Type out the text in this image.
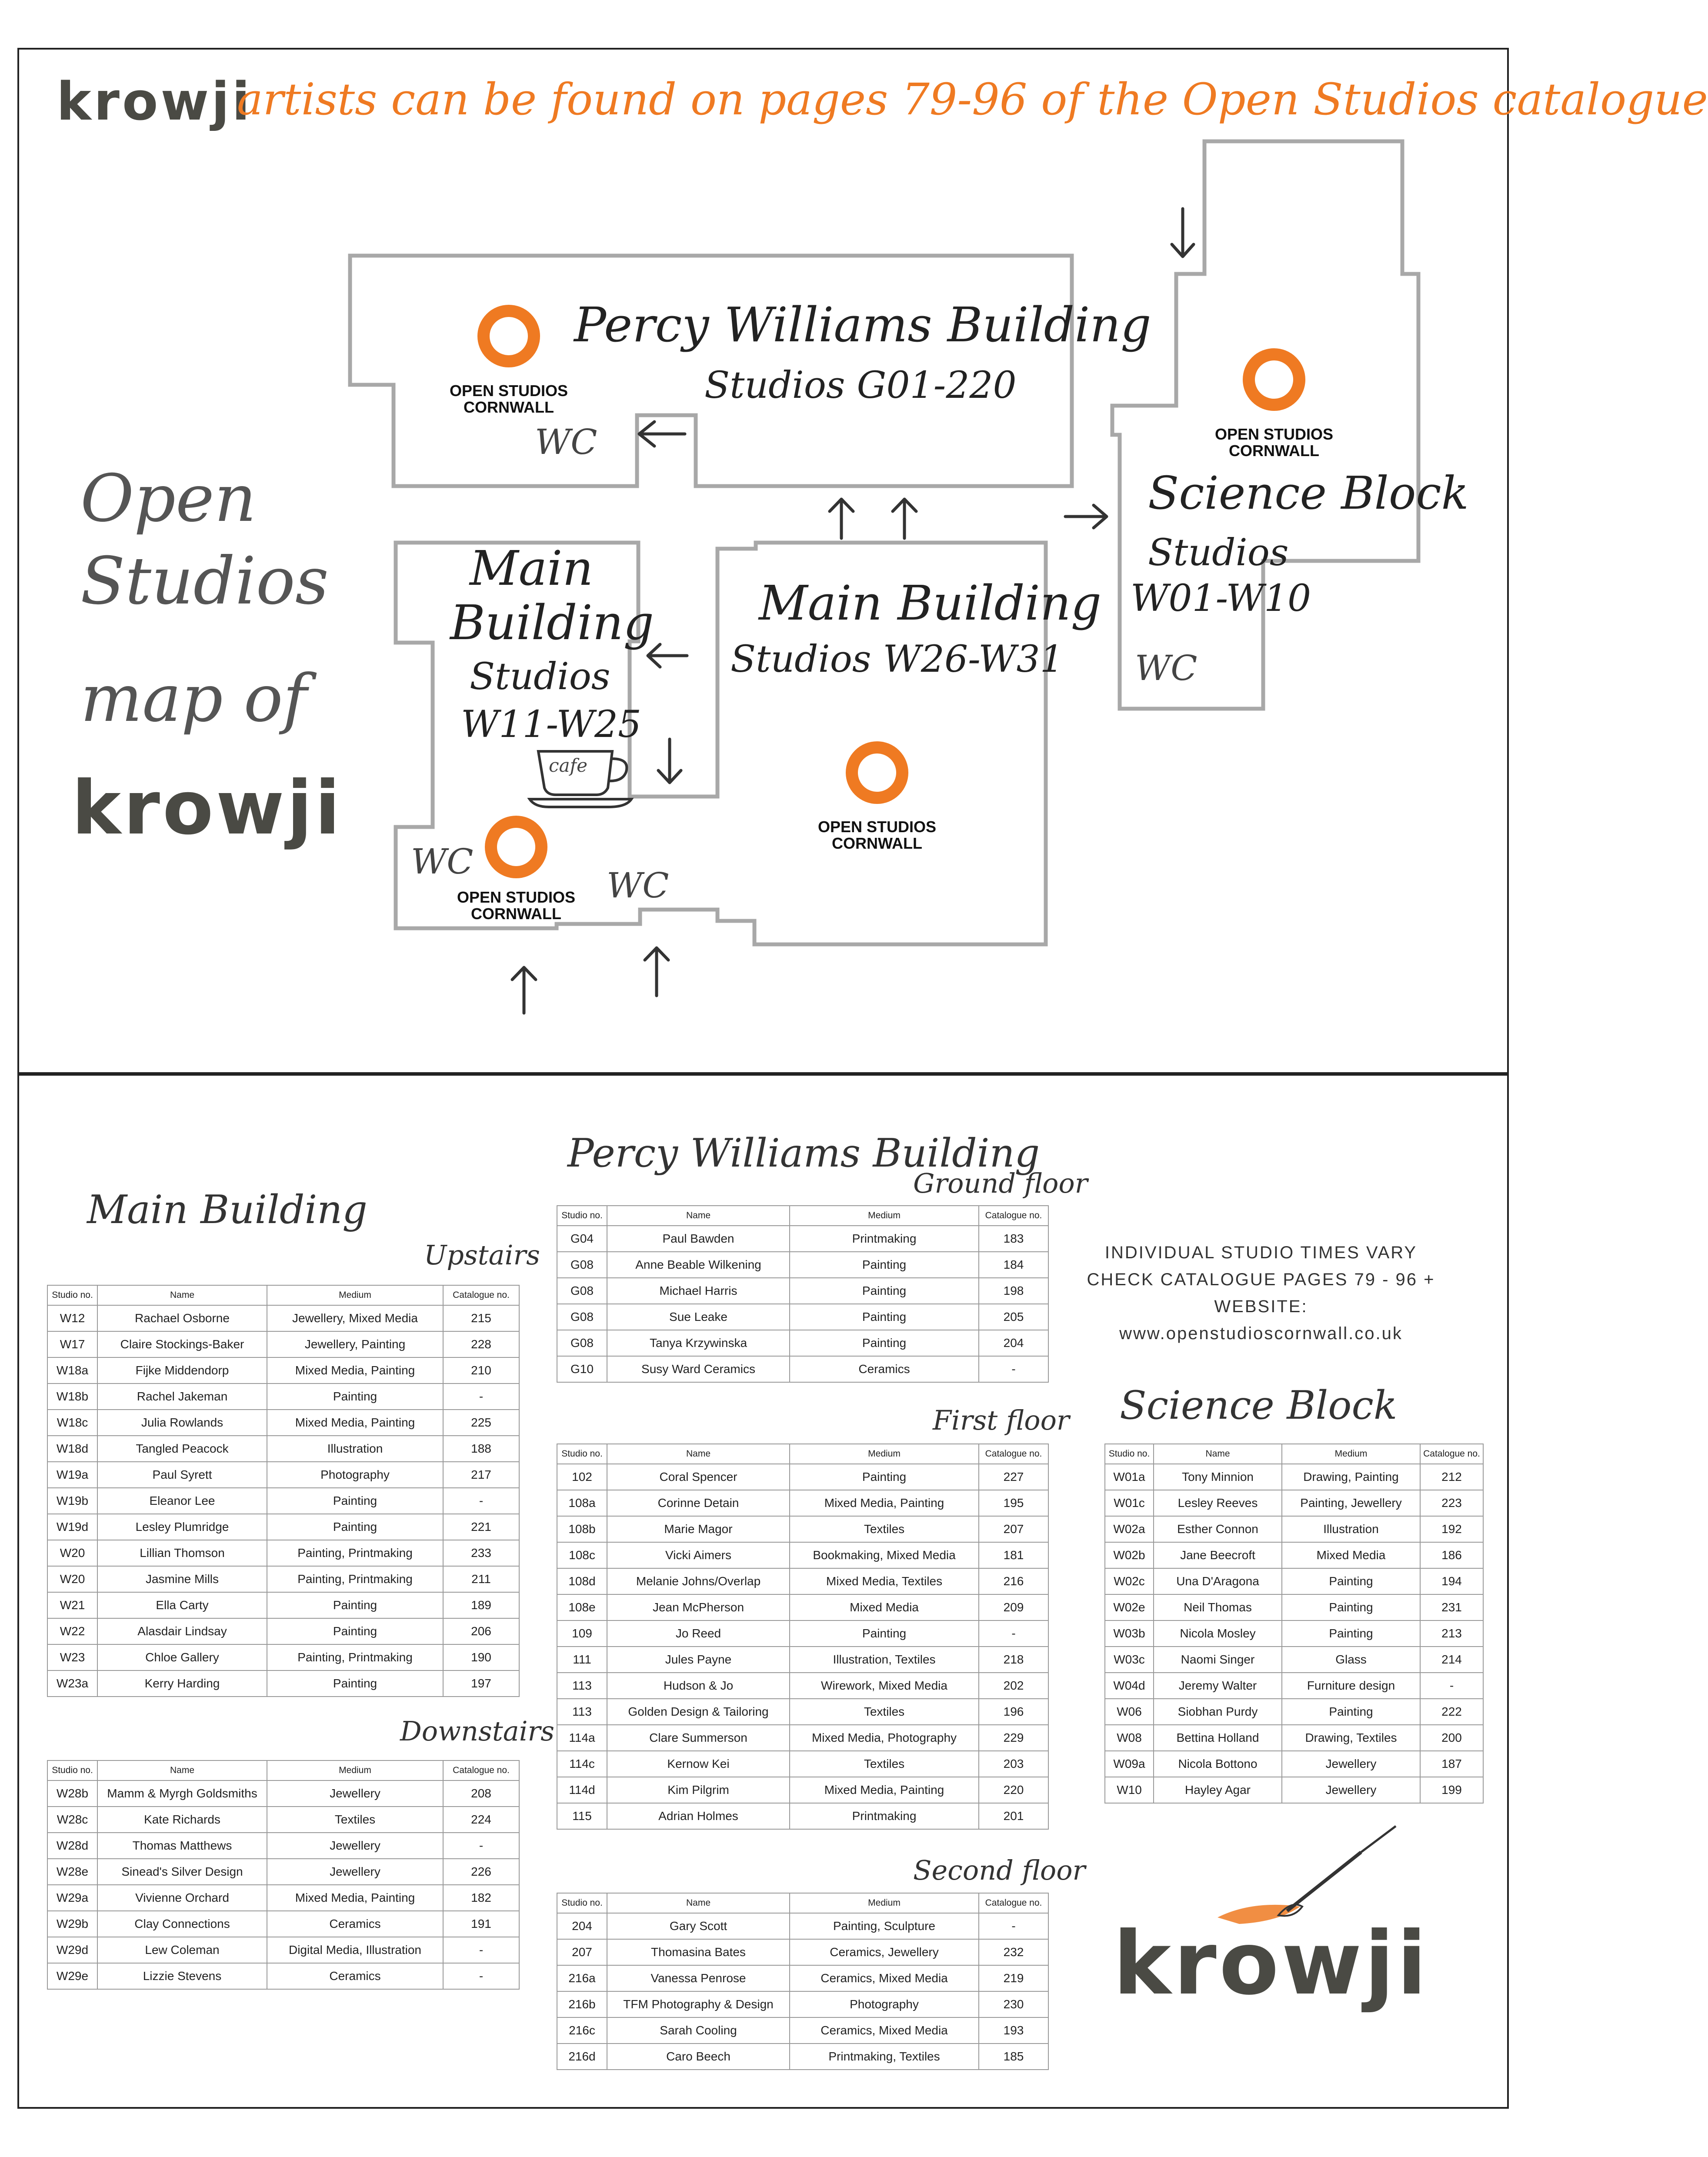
krowji
artists can be found on pages 79-96 of the Open Studios catalogue
Open
Studios
map of
krowji
Percy Williams Building
Studios G01-220
Science Block
Studios
W01-W10
Main
Building
Studios
W11-W25
Main Building
Studios W26-W31
cafe
WC
WC
WC
WC
OPEN STUDIOS
CORNWALL
OPEN STUDIOS
CORNWALL
OPEN STUDIOS
CORNWALL
OPEN STUDIOS
CORNWALL
Main Building
Upstairs
Studio no.	Name	Medium	Catalogue no.
W12	Rachael Osborne	Jewellery, Mixed Media	215
W17	Claire Stockings-Baker	Jewellery, Painting	228
W18a	Fijke Middendorp	Mixed Media, Painting	210
W18b	Rachel Jakeman	Painting	-
W18c	Julia Rowlands	Mixed Media, Painting	225
W18d	Tangled Peacock	Illustration	188
W19a	Paul Syrett	Photography	217
W19b	Eleanor Lee	Painting	-
W19d	Lesley Plumridge	Painting	221
W20	Lillian Thomson	Painting, Printmaking	233
W20	Jasmine Mills	Painting, Printmaking	211
W21	Ella Carty	Painting	189
W22	Alasdair Lindsay	Painting	206
W23	Chloe Gallery	Painting, Printmaking	190
W23a	Kerry Harding	Painting	197
Downstairs
Studio no.	Name	Medium	Catalogue no.
W28b	Mamm & Myrgh Goldsmiths	Jewellery	208
W28c	Kate Richards	Textiles	224
W28d	Thomas Matthews	Jewellery	-
W28e	Sinead's Silver Design	Jewellery	226
W29a	Vivienne Orchard	Mixed Media, Painting	182
W29b	Clay Connections	Ceramics	191
W29d	Lew Coleman	Digital Media, Illustration	-
W29e	Lizzie Stevens	Ceramics	-
Percy Williams Building
Ground floor
Studio no.	Name	Medium	Catalogue no.
G04	Paul Bawden	Printmaking	183
G08	Anne Beable Wilkening	Painting	184
G08	Michael Harris	Painting	198
G08	Sue Leake	Painting	205
G08	Tanya Krzywinska	Painting	204
G10	Susy Ward Ceramics	Ceramics	-
First floor
Studio no.	Name	Medium	Catalogue no.
102	Coral Spencer	Painting	227
108a	Corinne Detain	Mixed Media, Painting	195
108b	Marie Magor	Textiles	207
108c	Vicki Aimers	Bookmaking, Mixed Media	181
108d	Melanie Johns/Overlap	Mixed Media, Textiles	216
108e	Jean McPherson	Mixed Media	209
109	Jo Reed	Painting	-
111	Jules Payne	Illustration, Textiles	218
113	Hudson & Jo	Wirework, Mixed Media	202
113	Golden Design & Tailoring	Textiles	196
114a	Clare Summerson	Mixed Media, Photography	229
114c	Kernow Kei	Textiles	203
114d	Kim Pilgrim	Mixed Media, Painting	220
115	Adrian Holmes	Printmaking	201
Second floor
Studio no.	Name	Medium	Catalogue no.
204	Gary Scott	Painting, Sculpture	-
207	Thomasina Bates	Ceramics, Jewellery	232
216a	Vanessa Penrose	Ceramics, Mixed Media	219
216b	TFM Photography & Design	Photography	230
216c	Sarah Cooling	Ceramics, Mixed Media	193
216d	Caro Beech	Printmaking, Textiles	185
INDIVIDUAL STUDIO TIMES VARY
CHECK CATALOGUE PAGES 79 - 96 + WEBSITE:
www.openstudioscornwall.co.uk
Science Block
Studio no.	Name	Medium	Catalogue no.
W01a	Tony Minnion	Drawing, Painting	212
W01c	Lesley Reeves	Painting, Jewellery	223
W02a	Esther Connon	Illustration	192
W02b	Jane Beecroft	Mixed Media	186
W02c	Una D'Aragona	Painting	194
W02e	Neil Thomas	Painting	231
W03b	Nicola Mosley	Painting	213
W03c	Naomi Singer	Glass	214
W04d	Jeremy Walter	Furniture design	-
W06	Siobhan Purdy	Painting	222
W08	Bettina Holland	Drawing, Textiles	200
W09a	Nicola Bottono	Jewellery	187
W10	Hayley Agar	Jewellery	199
krowji
